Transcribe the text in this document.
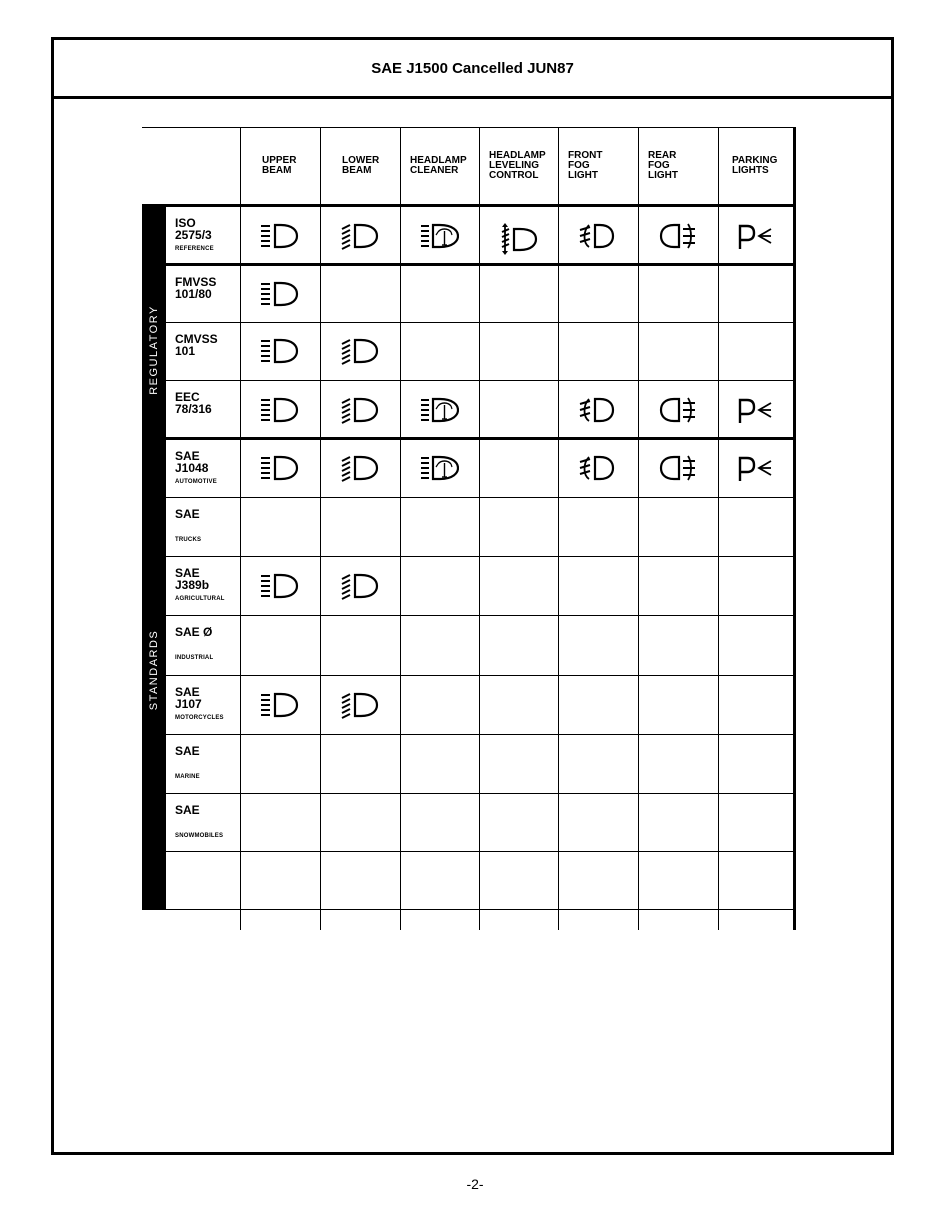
SAE J1500 Cancelled JUN87
REGULATORY
STANDARDS
UPPER
BEAM
LOWER
BEAM
HEADLAMP
CLEANER
HEADLAMP
LEVELING
CONTROL
FRONT
FOG
LIGHT
REAR
FOG
LIGHT
PARKING
LIGHTS
ISO
2575/3
REFERENCE
FMVSS
101/80
CMVSS
101
EEC
78/316
SAE
J1048
AUTOMOTIVE
SAE

TRUCKS
SAE
J389b
AGRICULTURAL
SAE Ø

INDUSTRIAL
SAE
J107
MOTORCYCLES
SAE

MARINE
SAE

SNOWMOBILES

-2-
